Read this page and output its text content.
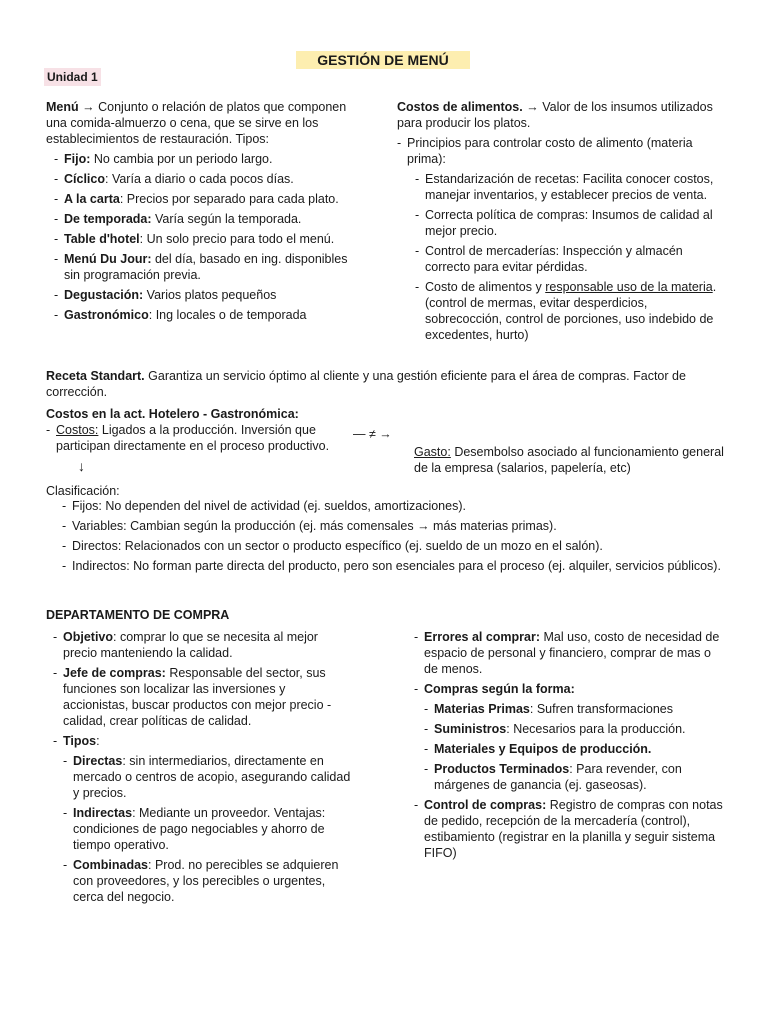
GESTIÓN DE MENÚ
Unidad 1

Menú → Conjunto o relación de platos que componen una comida-almuerzo o cena, que se sirve en los establecimientos de restauración. Tipos:

- Fijo: No cambia por un periodo largo.
- Cíclico: Varía a diario o cada pocos días.
- A la carta: Precios por separado para cada plato.
- De temporada: Varía según la temporada.
- Table d'hotel: Un solo precio para todo el menú.
- Menú Du Jour: del día, basado en ing. disponibles sin programación previa.
- Degustación: Varios platos pequeños
- Gastronómico: Ing locales o de temporada

Costos de alimentos. → Valor de los insumos utilizados para producir los platos.

- Principios para controlar costo de alimento (materia prima):
- Estandarización de recetas: Facilita conocer costos, manejar inventarios, y establecer precios de venta.
- Correcta política de compras: Insumos de calidad al mejor precio.
- Control de mercaderías: Inspección y almacén correcto para evitar pérdidas.
- Costo de alimentos y responsable uso de la materia. (control de mermas, evitar desperdicios, sobrecocción, control de porciones, uso indebido de excedentes, hurto)
Receta Standart. Garantiza un servicio óptimo al cliente y una gestión eficiente para el área de compras. Factor de corrección.
Costos en la act. Hotelero - Gastronómica:
- Costos: Ligados a la producción. Inversión que participan directamente en el proceso productivo.
— ≠ →
↓
Gasto: Desembolso asociado al funcionamiento general de la empresa (salarios, papelería, etc)
Clasificación:
- Fijos: No dependen del nivel de actividad (ej. sueldos, amortizaciones).
- Variables: Cambian según la producción (ej. más comensales → más materias primas).
- Directos: Relacionados con un sector o producto específico (ej. sueldo de un mozo en el salón).
- Indirectos: No forman parte directa del producto, pero son esenciales para el proceso (ej. alquiler, servicios públicos).
DEPARTAMENTO DE COMPRA
- Objetivo: comprar lo que se necesita al mejor precio manteniendo la calidad.
- Jefe de compras: Responsable del sector, sus funciones son localizar las inversiones y accionistas, buscar productos con mejor precio - calidad, crear políticas de calidad.
- Tipos:
- Directas: sin intermediarios, directamente en mercado o centros de acopio, asegurando calidad y precios.
- Indirectas: Mediante un proveedor. Ventajas: condiciones de pago negociables y ahorro de tiempo operativo.
- Combinadas: Prod. no perecibles se adquieren con proveedores, y los perecibles o urgentes, cerca del negocio.
- Errores al comprar: Mal uso, costo de necesidad de espacio de personal y financiero, comprar de mas o de menos.
- Compras según la forma:
- Materias Primas: Sufren transformaciones
- Suministros: Necesarios para la producción.
- Materiales y Equipos de producción.
- Productos Terminados: Para revender, con márgenes de ganancia (ej. gaseosas).
- Control de compras: Registro de compras con notas de pedido, recepción de la mercadería (control), estibamiento (registrar en la planilla y seguir sistema FIFO)
